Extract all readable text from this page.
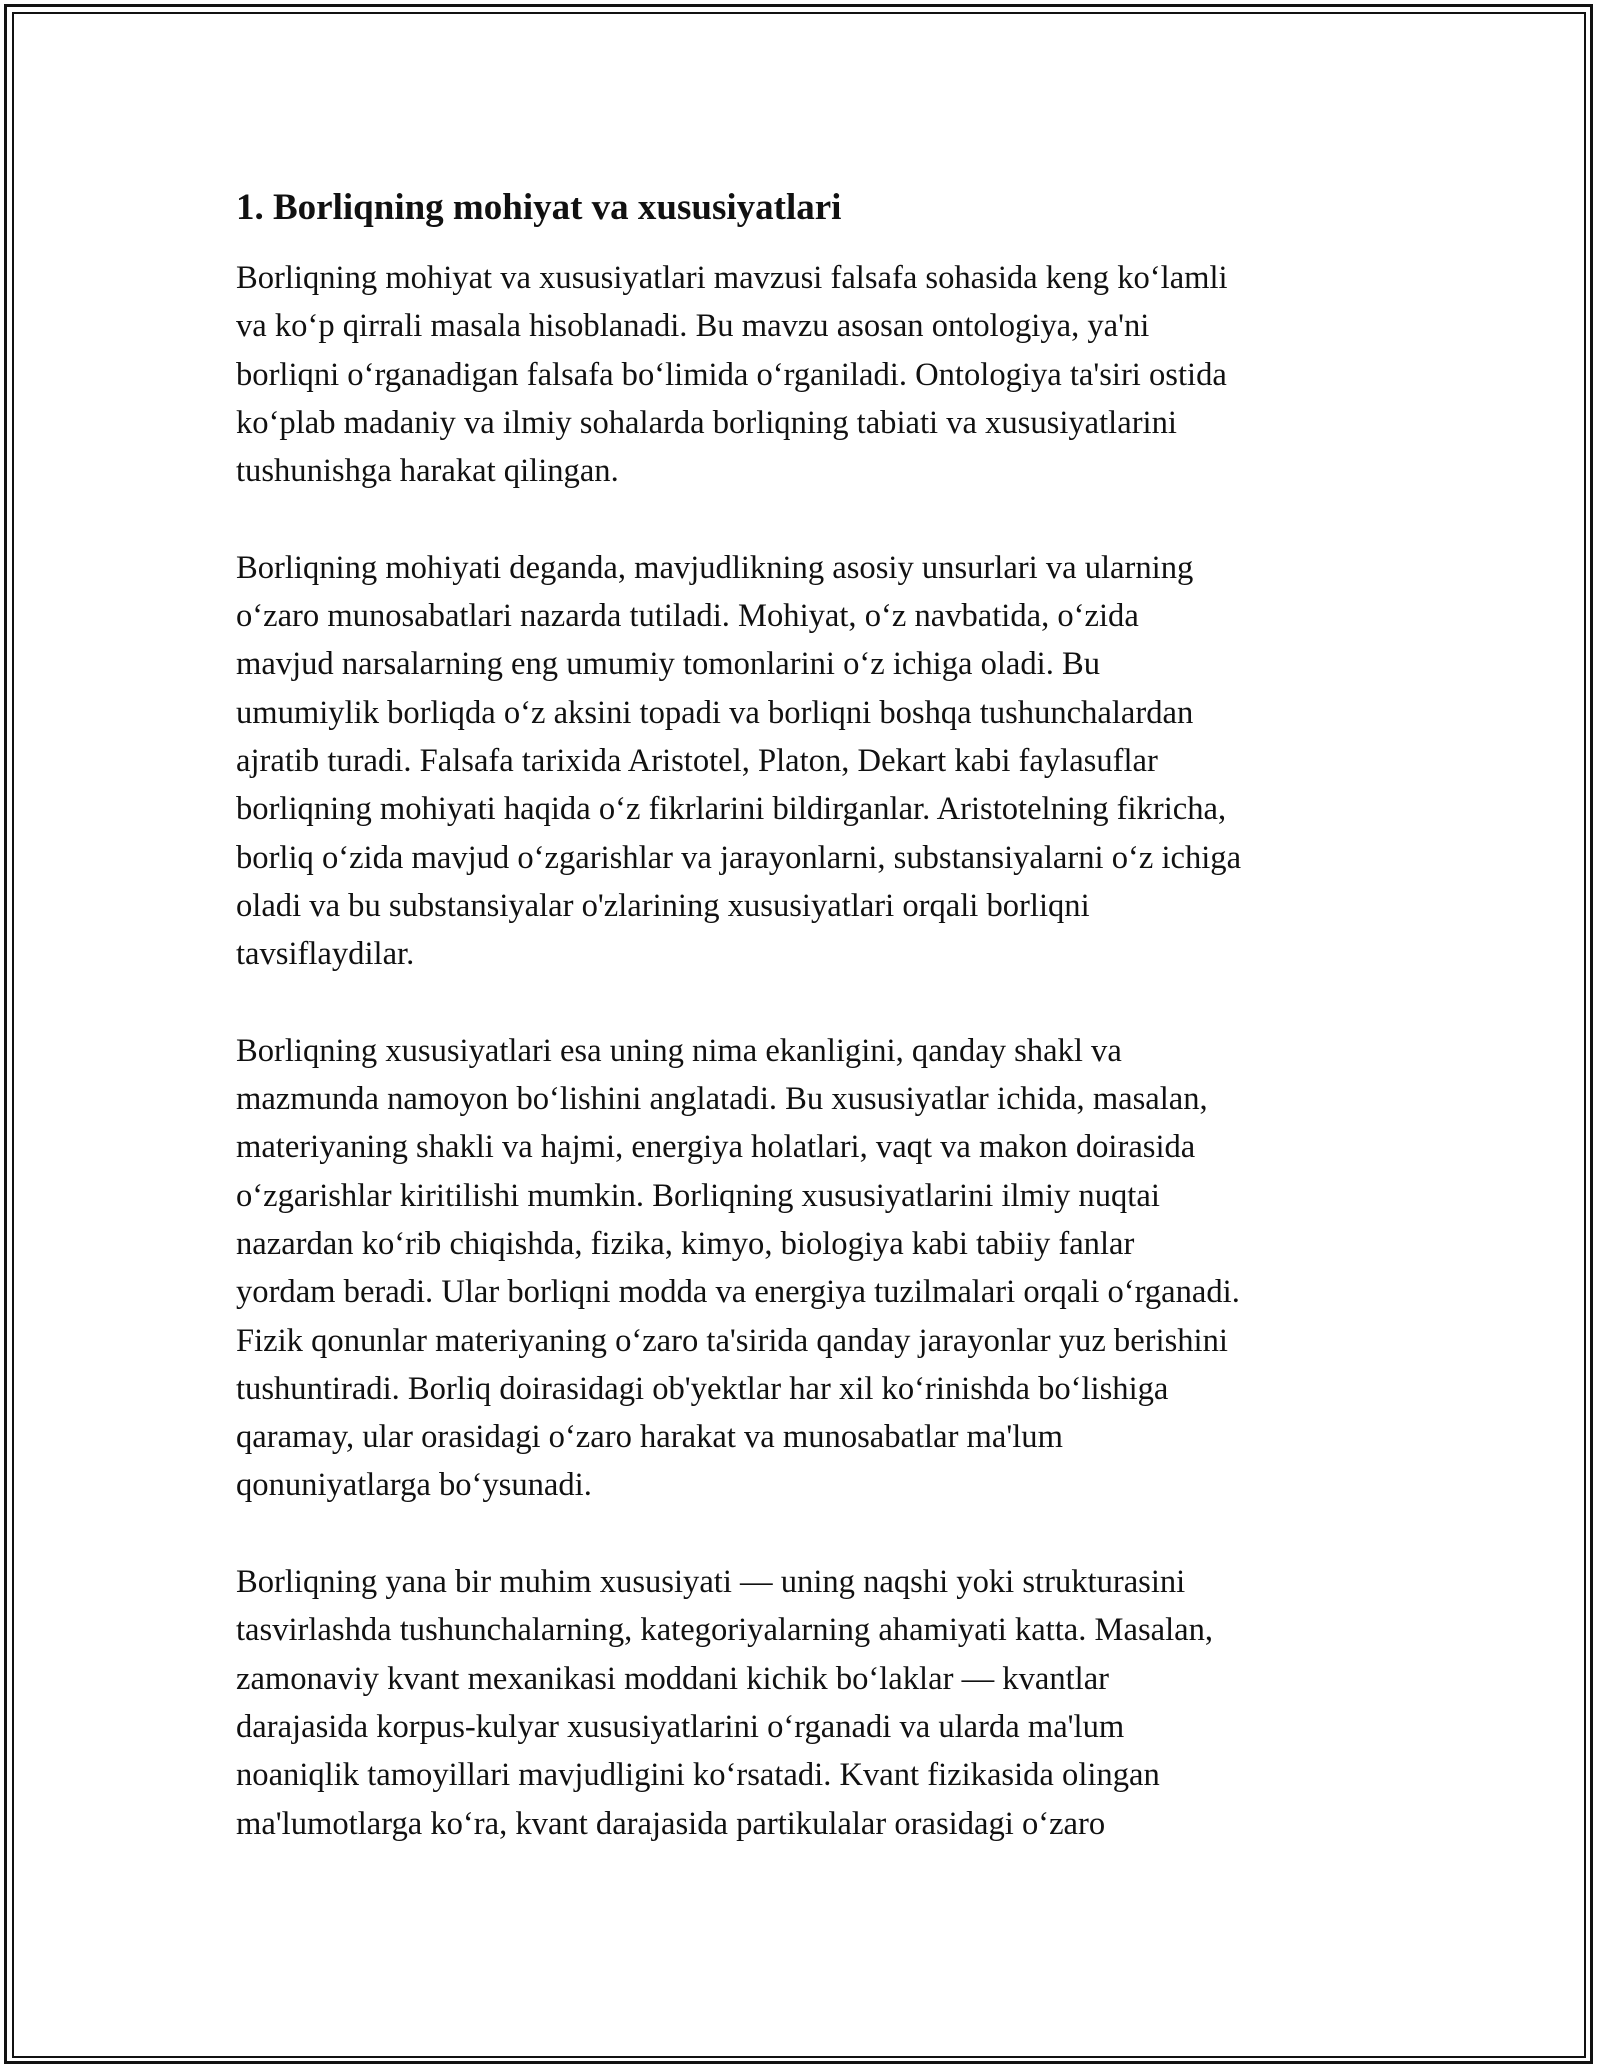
1. Borliqning mohiyat va xususiyatlari

Borliqning mohiyat va xususiyatlari mavzusi falsafa sohasida keng ko‘lamli
va ko‘p qirrali masala hisoblanadi. Bu mavzu asosan ontologiya, ya'ni
borliqni o‘rganadigan falsafa bo‘limida o‘rganiladi. Ontologiya ta'siri ostida
ko‘plab madaniy va ilmiy sohalarda borliqning tabiati va xususiyatlarini
tushunishga harakat qilingan.

Borliqning mohiyati deganda, mavjudlikning asosiy unsurlari va ularning
o‘zaro munosabatlari nazarda tutiladi. Mohiyat, o‘z navbatida, o‘zida
mavjud narsalarning eng umumiy tomonlarini o‘z ichiga oladi. Bu
umumiylik borliqda o‘z aksini topadi va borliqni boshqa tushunchalardan
ajratib turadi. Falsafa tarixida Aristotel, Platon, Dekart kabi faylasuflar
borliqning mohiyati haqida o‘z fikrlarini bildirganlar. Aristotelning fikricha,
borliq o‘zida mavjud o‘zgarishlar va jarayonlarni, substansiyalarni o‘z ichiga
oladi va bu substansiyalar o'zlarining xususiyatlari orqali borliqni
tavsiflaydilar.

Borliqning xususiyatlari esa uning nima ekanligini, qanday shakl va
mazmunda namoyon bo‘lishini anglatadi. Bu xususiyatlar ichida, masalan,
materiyaning shakli va hajmi, energiya holatlari, vaqt va makon doirasida
o‘zgarishlar kiritilishi mumkin. Borliqning xususiyatlarini ilmiy nuqtai
nazardan ko‘rib chiqishda, fizika, kimyo, biologiya kabi tabiiy fanlar
yordam beradi. Ular borliqni modda va energiya tuzilmalari orqali o‘rganadi.
Fizik qonunlar materiyaning o‘zaro ta'sirida qanday jarayonlar yuz berishini
tushuntiradi. Borliq doirasidagi ob'yektlar har xil ko‘rinishda bo‘lishiga
qaramay, ular orasidagi o‘zaro harakat va munosabatlar ma'lum
qonuniyatlarga bo‘ysunadi.

Borliqning yana bir muhim xususiyati — uning naqshi yoki strukturasini
tasvirlashda tushunchalarning, kategoriyalarning ahamiyati katta. Masalan,
zamonaviy kvant mexanikasi moddani kichik bo‘laklar — kvantlar
darajasida korpus-kulyar xususiyatlarini o‘rganadi va ularda ma'lum
noaniqlik tamoyillari mavjudligini ko‘rsatadi. Kvant fizikasida olingan
ma'lumotlarga ko‘ra, kvant darajasida partikulalar orasidagi o‘zaro
